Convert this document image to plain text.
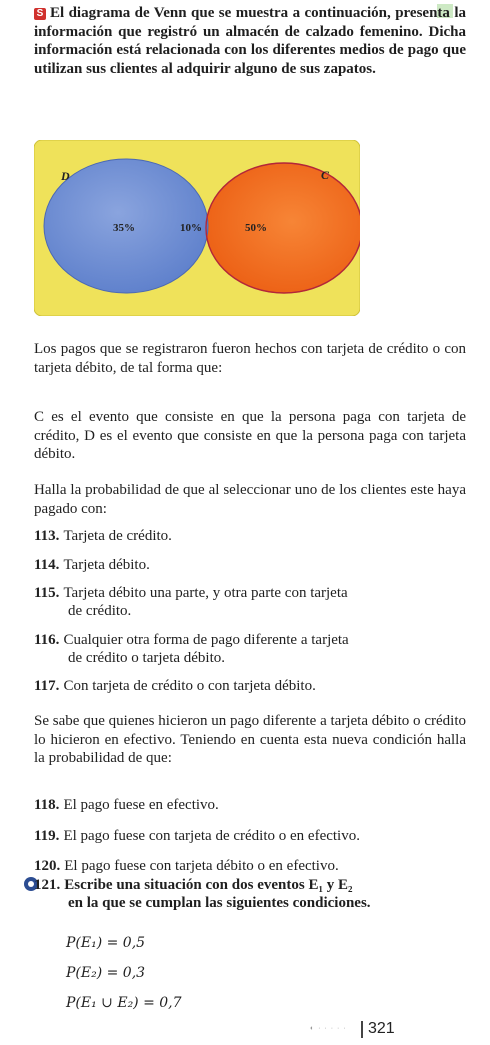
S El diagrama de Venn que se muestra a continuación, presenta la información que registró un almacén de calzado femenino. Dicha información está relacionada con los diferentes medios de pago que utilizan sus clientes al adquirir alguno de sus zapatos.
D	C
35%	10%	50%
Los pagos que se registraron fueron hechos con tarjeta de crédito o con tarjeta débito, de tal forma que:
C es el evento que consiste en que la persona paga con tarjeta de crédito, D es el evento que consiste en que la persona paga con tarjeta débito.
Halla la probabilidad de que al seleccionar uno de los clientes este haya pagado con:
113. Tarjeta de crédito.
114. Tarjeta débito.
115. Tarjeta débito una parte, y otra parte con tarjeta
de crédito.
116. Cualquier otra forma de pago diferente a tarjeta
de crédito o tarjeta débito.
117. Con tarjeta de crédito o con tarjeta débito.
Se sabe que quienes hicieron un pago diferente a tarjeta débito o crédito lo hicieron en efectivo. Teniendo en cuenta esta nueva condición halla la probabilidad de que:
118. El pago fuese en efectivo.
119. El pago fuese con tarjeta de crédito o en efectivo.
120. El pago fuese con tarjeta débito o en efectivo.
121. Escribe una situación con dos eventos E₁ y E₂
en la que se cumplan las siguientes condiciones.
P(E₁) = 0,5
P(E₂) = 0,3
P(E₁ ∪ E₂) = 0,7
◐ · · · · · 321
